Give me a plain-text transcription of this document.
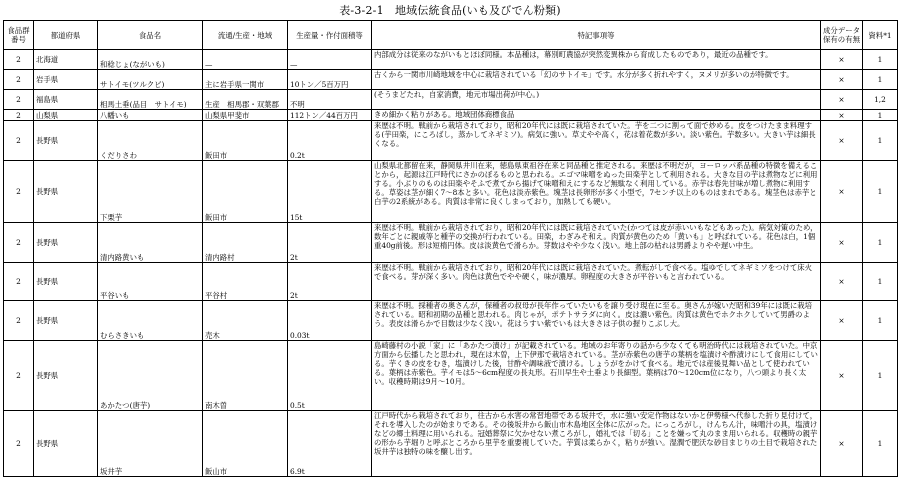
表-3-2-1　地域伝統食品(いも及びでん粉類)
食品群番号	都道府県	食品名	流通/生産・地域	生産量・作付面積等	特記事項等	成分データ保有の有無	資料*1
2	北海道	和稔じょ(ながいも)	—	—	内部成分は従来のながいもとほぼ同様。本品種は，幕別町農協が突然変異株から育成したものであり，最近の品種です。	×	1
2	岩手県	サトイモ(ツルクビ)	主に岩手県一関市	10トン／5百万円	古くから一関市川崎地域を中心に栽培されている「幻のサトイモ」です。水分が多く折れやすく，ヌメリが多いのが特徴です。	×	1
2	福島県	相馬土垂(品目　サトイモ)	生産　相馬郡・双葉郡	不明	(そうまどたれ，自家消費，地元市場出荷が中心。)	×	1,2
2	山梨県	八幡いも	山梨県甲斐市	112トン／44百万円	きめ細かく粘りがある。地域団体商標食品	×	1
2	長野県	くだりさわ	飯田市	0.2t	来歴は不明。戦前から栽培されており，昭和20年代には既に栽培されていた。芋を二つに割って面で炒める。皮をつけたまま料理する(芋田楽，にころばし，蒸かしてネギミソ)。病気に強い。草丈やや高く，花は着花数が多い。淡い紫色。芋数多い。大きい芋は細長くなる。	×	1
2	長野県	下栗芋	飯田市	15t	山梨県北都留在来，静岡県井川在来，徳島県東祖谷在来と同品種と推定される。来歴は不明だが，ヨーロッパ系品種の特徴を備えることから，起源は江戸時代にさかのぼるものと思われる。エゴマ味噌をぬった田楽芋として利用される。大きな目の芋は煮物などに利用する。小ぶりのものは田楽やそふで煮てから揚げて味噌和えにするなど無駄なく利用している。赤芋は春先甘味が増し煮物に利用する。草姿は茎が細く7～8本と多い。花色は淡赤紫色。塊茎は長卵形が多く小型で，7センチ以上のものはまれである。塊茎色は赤芋と白芋の2系統がある。肉質は非常に良くしまっており，加熱しても硬い。	×	1
2	長野県	清内路黄いも	清内路村	2t	来歴は不明。戦前から栽培されており，昭和20年代には既に栽培されていた(かつては皮が赤いいもなどもあった)。病気対策のため，数年ごとに親戚等と種芋の交換が行われている。田楽，わぎみそ和え。肉質が黄色のため「黄いも」と呼ばれている。花色は白，1個重40g前後。形は短楕円体。皮は淡黄色で滑らか。芽数はやや少なく浅い。地上部の枯れは男爵よりやや遅い中生。	×	1
2	長野県	平谷いも	平谷村	2t	来歴は不明。戦前から栽培されており，昭和20年代には既に栽培されていた。煮転がしで食べる。塩ゆでしてネギミソをつけて床火で食べる。芽が深く多い。肉色は黄色でやや硬く，味が濃厚。卵程度の大きさが平谷いもと言われている。	×	1
2	長野県	むらさきいも	売木	0.03t	来歴は不明。採種者の奥さんが，保種者の叔母が長年作っていたいもを譲り受け現在に至る。奥さんが嫁いだ昭和39年には既に栽培されている。昭和初期の品種と思われる。肉じゃが，ポテトサラダに向く。皮は濃い紫色。肉質は黄色でホクホクしていて男爵のよう。表皮は滑らかで目数は少なく浅い。花はうすい紫でいもは大きさは子供の握りこぶし大。	×	1
2	長野県	あかたつ(唐芋)	南木曽	0.5t	島崎藤村の小説「家」に「あかたつ漬け」が記載されている。地域のお年寄りの話から少なくても明治時代には栽培されていた。中京方面から伝播したと思われ，現在は木曽，上下伊那で栽培されている。茎が赤紫色の唐芋の葉柄を塩漬けや酢漬けにして食用にしている。芋くきの皮をむき，塩漬けした後，甘酢や調味液で漬ける。しょうがをかけて食べる。地元では産後見舞い品として使われている。葉柄は赤紫色。芋イモは5～6cm程度の長丸形。石川早生や土垂より長細型。葉柄は70～120cm位になり，八つ頭より長く太い。収穫時期は9月～10月。	×	1
2	長野県	坂井芋	飯山市	6.9t	江戸時代から栽培されており，往古から水害の常習地帯である坂井で，水に強い安定作物はないかと伊勢様へ代参した折り見付けて，それを導入したのが始まりである。その後坂井から飯山市木島地区全体に広がった。にっころがし，けんちん汁，味噌汁の具，塩漬けなどの郷土料理に用いられる。冠婚葬祭に欠かせない煮ころがし，婚礼では「切る」ことを嫌って丸のまま用いられる。収穫時の親芋の形から芋堀りと呼ぶところから里芋を重要視していた。芋質は柔らかく，粘りが強い。湿潤で肥沃な砂目まじりの土目で栽培された坂井芋は独特の味を醸し出す。	×	1
